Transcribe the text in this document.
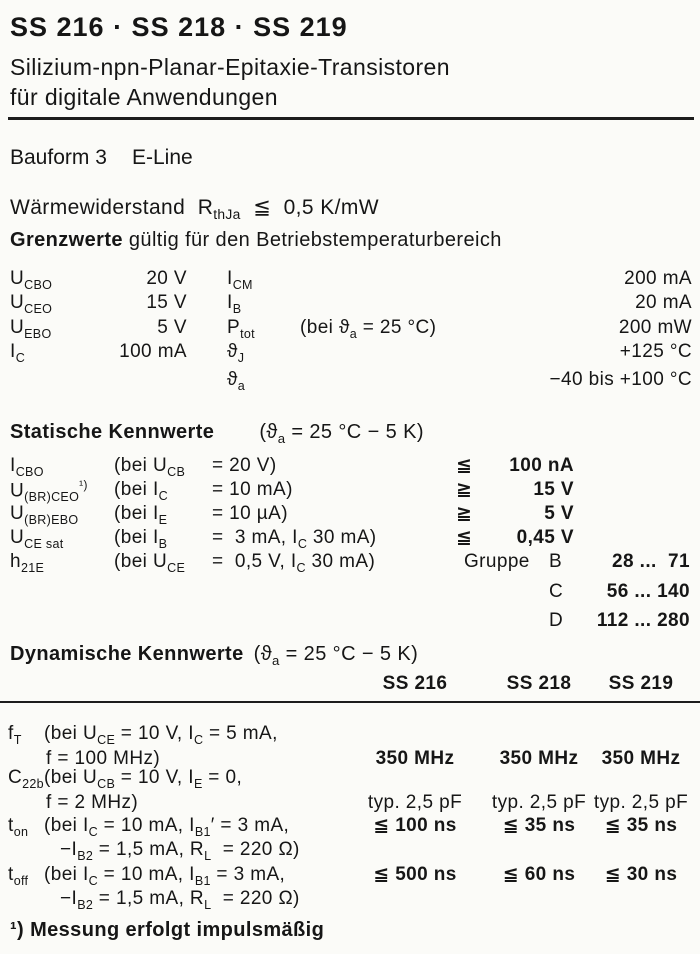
SS 216 · SS 218 · SS 219
Silizium-npn-Planar-Epitaxie-Transistoren
für digitale Anwendungen
Bauform 3 E-Line
Wärmewiderstand  $R_{thJa}$  ≦  0,5 K/mW
Grenzwerte gültig für den Betriebstemperaturbereich
$U_{CBO}$	20 V $I_{CM}$	200 mA
$U_{CEO}$	15 V $I_B$	20 mA
$U_{EBO}$	5 V $P_{tot}$ (bei $ϑ_a = 25$ °C)	200 mW
$I_C$	100 mA $ϑ_J$	+125 °C
$ϑ_a$	−40 bis +100 °C
Statische Kennwerte ($ϑ_a = 25$ °C − 5 K)
$I_{CBO}$	(bei $U_{CB} = 20$ V)	≦	100 nA
$U_{(BR)CEO}^{^1)}$ (bei $I_C = 10$ mA)	≧	15 V
$U_{(BR)EBO}$ (bei $I_E = 10$ µA)	≧	5 V
$U_{CE sat}$	(bei $I_B = 3$ mA, $I_C$ 30 mA)	≦	0,45 V
$h_{21E}$	(bei $U_{CE} = 0,5$ V, $I_C$ 30 mA)	Gruppe B	28 ...  71
C	56 ... 140
D	112 ... 280
Dynamische Kennwerte ($ϑ_a = 25$ °C − 5 K)
SS 216	SS 218	SS 219
$f_T$ (bei $U_{CE} = 10$ V, $I_C = 5$ mA,
f = 100 MHz)	350 MHz	350 MHz	350 MHz
$C_{22b}$ (bei $U_{CB} = 10$ V, $I_E = 0$,
f = 2 MHz)	typ. 2,5 pF	typ. 2,5 pF typ. 2,5 pF
$t_{on}$ (bei $I_C = 10$ mA, $I_{B1}' = 3$ mA,
$-I_{B2} = 1,5$ mA, $R_L = 220$ Ω)
≦ 100 ns	≦ 35 ns	≦ 35 ns
$t_{off}$ (bei $I_C = 10$ mA, $I_{B1} = 3$ mA,
$-I_{B2} = 1,5$ mA, $R_L = 220$ Ω)
≦ 500 ns	≦ 60 ns	≦ 30 ns
¹) Messung erfolgt impulsmäßig
